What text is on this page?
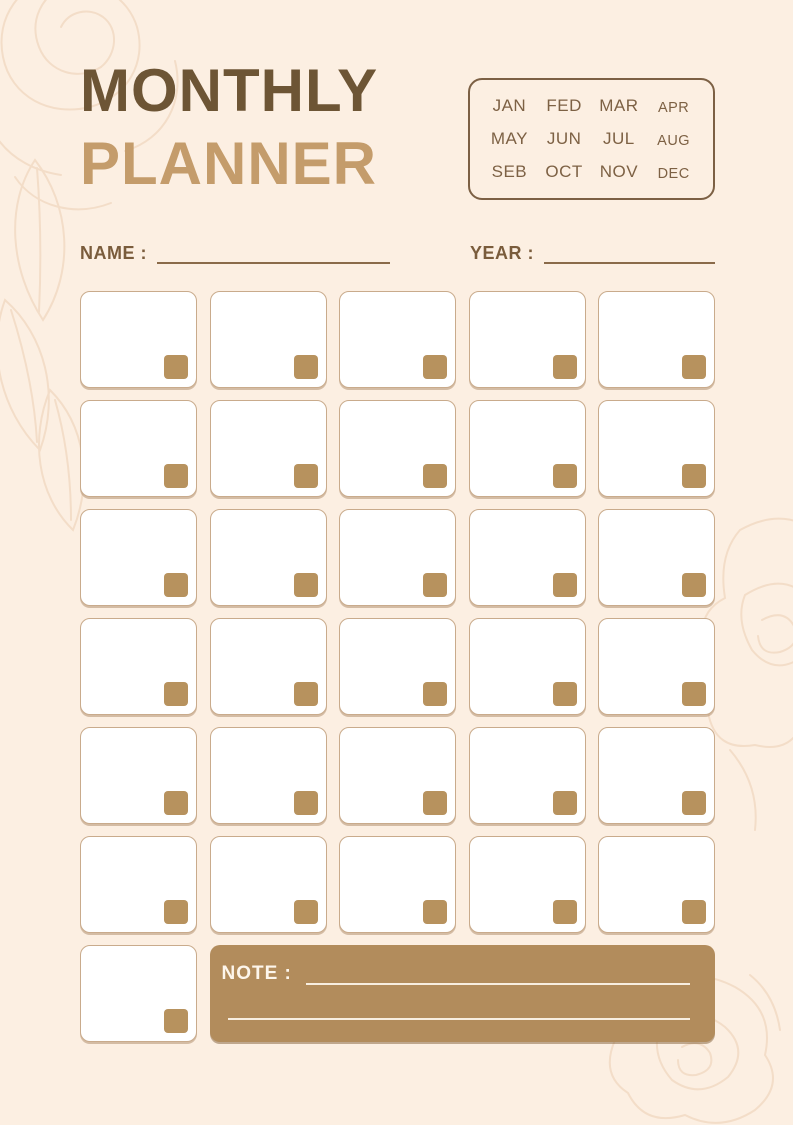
MONTHLY
PLANNER
JAN FED MAR APR
MAY JUN JUL AUG
SEB OCT NOV DEC
NAME :	YEAR :
NOTE :
